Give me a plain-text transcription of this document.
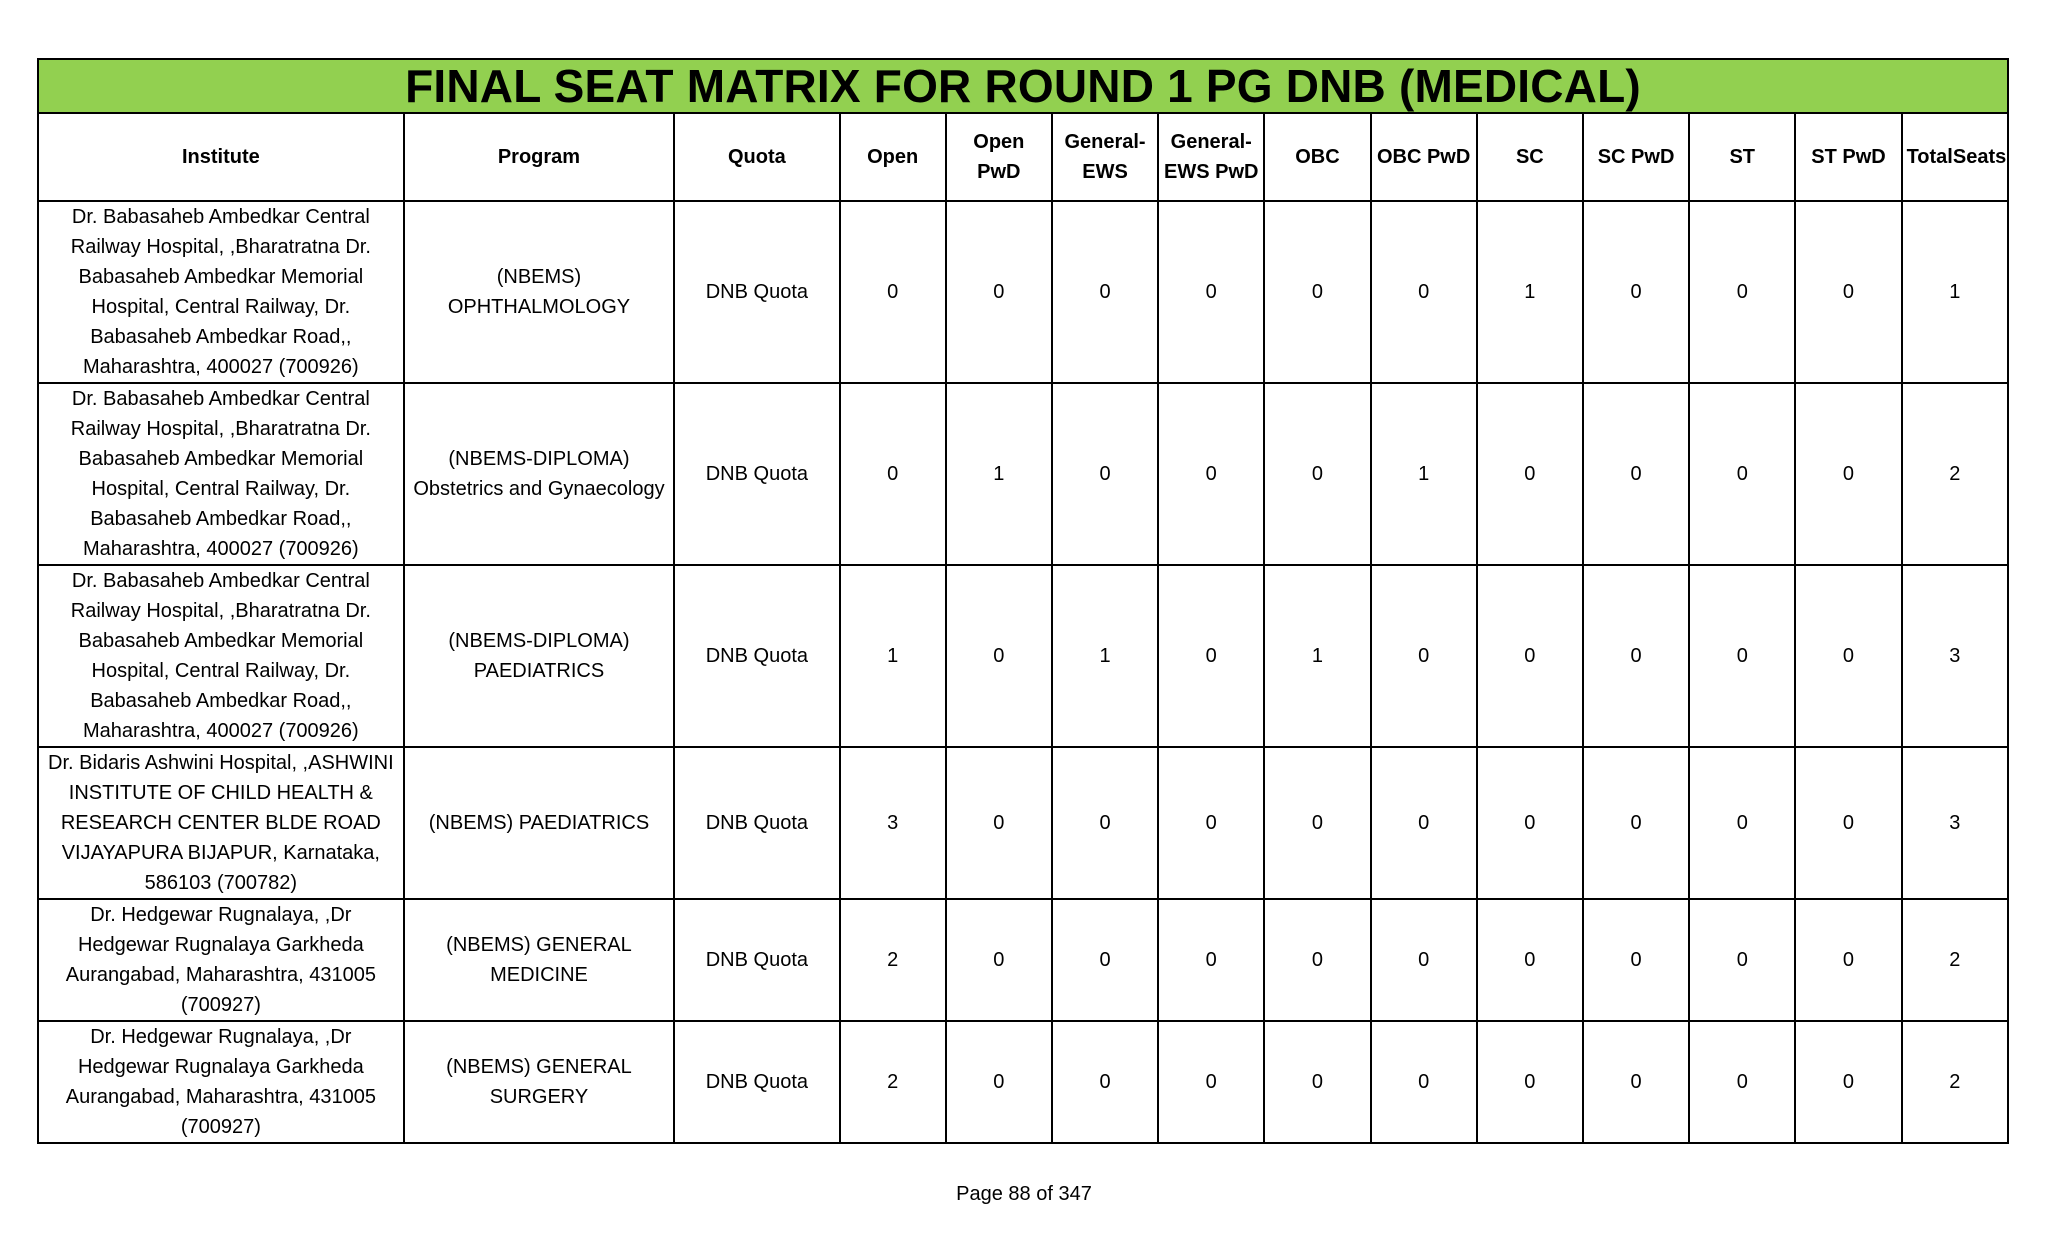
FINAL SEAT MATRIX FOR ROUND 1 PG DNB (MEDICAL)													
Institute	Program	Quota	Open	Open PwD	General-EWS	General-EWS PwD	OBC	OBC PwD	SC	SC PwD	ST	ST PwD	TotalSeats
Dr. Babasaheb Ambedkar Central Railway Hospital, ,Bharatratna Dr. Babasaheb Ambedkar Memorial Hospital, Central Railway, Dr. Babasaheb Ambedkar Road,, Maharashtra, 400027 (700926)	(NBEMS) OPHTHALMOLOGY	DNB Quota	0	0	0	0	0	0	1	0	0	0	1
Dr. Babasaheb Ambedkar Central Railway Hospital, ,Bharatratna Dr. Babasaheb Ambedkar Memorial Hospital, Central Railway, Dr. Babasaheb Ambedkar Road,, Maharashtra, 400027 (700926)	(NBEMS-DIPLOMA) Obstetrics and Gynaecology	DNB Quota	0	1	0	0	0	1	0	0	0	0	2
Dr. Babasaheb Ambedkar Central Railway Hospital, ,Bharatratna Dr. Babasaheb Ambedkar Memorial Hospital, Central Railway, Dr. Babasaheb Ambedkar Road,, Maharashtra, 400027 (700926)	(NBEMS-DIPLOMA) PAEDIATRICS	DNB Quota	1	0	1	0	1	0	0	0	0	0	3
Dr. Bidaris Ashwini Hospital, ,ASHWINI INSTITUTE OF CHILD HEALTH & RESEARCH CENTER BLDE ROAD VIJAYAPURA BIJAPUR, Karnataka, 586103 (700782)	(NBEMS) PAEDIATRICS	DNB Quota	3	0	0	0	0	0	0	0	0	0	3
Dr. Hedgewar Rugnalaya, ,Dr Hedgewar Rugnalaya Garkheda Aurangabad, Maharashtra, 431005 (700927)	(NBEMS) GENERAL MEDICINE	DNB Quota	2	0	0	0	0	0	0	0	0	0	2
Dr. Hedgewar Rugnalaya, ,Dr Hedgewar Rugnalaya Garkheda Aurangabad, Maharashtra, 431005 (700927)	(NBEMS) GENERAL SURGERY	DNB Quota	2	0	0	0	0	0	0	0	0	0	2
Page 88 of 347
